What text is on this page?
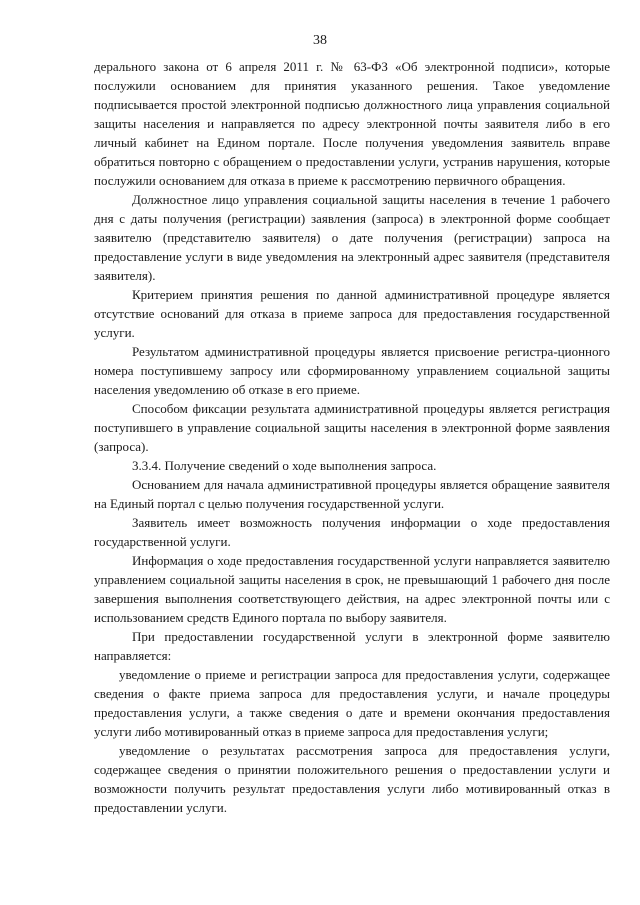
38

дерального закона от 6 апреля 2011 г. № 63-ФЗ «Об электронной подписи», которые послужили основанием для принятия указанного решения. Такое уведомление подписывается простой электронной подписью должностного лица управления социальной защиты населения и направляется по адресу электронной почты заявителя либо в его личный кабинет на Едином портале. После получения уведомления заявитель вправе обратиться повторно с обращением о предоставлении услуги, устранив нарушения, которые послужили основанием для отказа в приеме к рассмотрению первичного обращения.

Должностное лицо управления социальной защиты населения в течение 1 рабочего дня с даты получения (регистрации) заявления (запроса) в электронной форме сообщает заявителю (представителю заявителя) о дате получения (регистрации) запроса на предоставление услуги в виде уведомления на электронный адрес заявителя (представителя заявителя).

Критерием принятия решения по данной административной процедуре является отсутствие оснований для отказа в приеме запроса для предоставления государственной услуги.

Результатом административной процедуры является присвоение регистра-ционного номера поступившему запросу или сформированному управлением социальной защиты населения уведомлению об отказе в его приеме.

Способом фиксации результата административной процедуры является регистрация поступившего в управление социальной защиты населения в электронной форме заявления (запроса).

3.3.4. Получение сведений о ходе выполнения запроса.

Основанием для начала административной процедуры является обращение заявителя на Единый портал с целью получения государственной услуги.

Заявитель имеет возможность получения информации о ходе предоставления государственной услуги.

Информация о ходе предоставления государственной услуги направляется заявителю управлением социальной защиты населения в срок, не превышающий 1 рабочего дня после завершения выполнения соответствующего действия, на адрес электронной почты или с использованием средств Единого портала по выбору заявителя.

При предоставлении государственной услуги в электронной форме заявителю направляется:

уведомление о приеме и регистрации запроса для предоставления услуги, содержащее сведения о факте приема запроса для предоставления услуги, и начале процедуры предоставления услуги, а также сведения о дате и времени окончания предоставления услуги либо мотивированный отказ в приеме запроса для предоставления услуги;

уведомление о результатах рассмотрения запроса для предоставления услуги, содержащее сведения о принятии положительного решения о предоставлении услуги и возможности получить результат предоставления услуги либо мотивированный отказ в предоставлении услуги.
